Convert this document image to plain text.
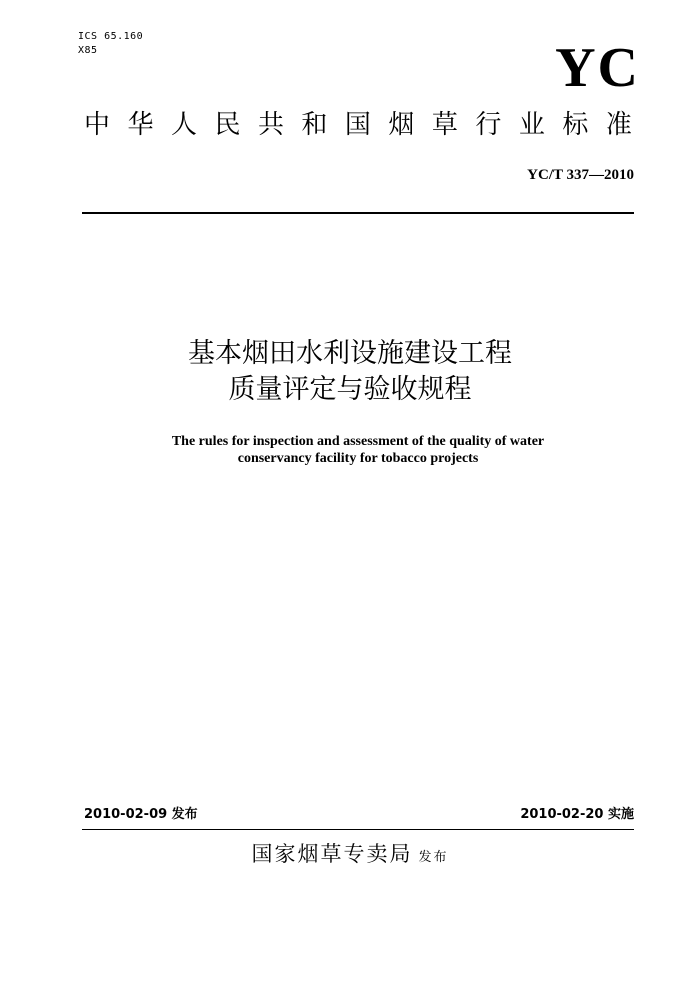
ICS 65.160
X85	YC
中 华 人 民 共 和 国 烟 草 行 业 标 准
YC/T 337—2010
基本烟田水利设施建设工程
质量评定与验收规程
The rules for inspection and assessment of the quality of water
conservancy facility for tobacco projects
2010-02-09 发布	2010-02-20 实施
国家烟草专卖局 发布
